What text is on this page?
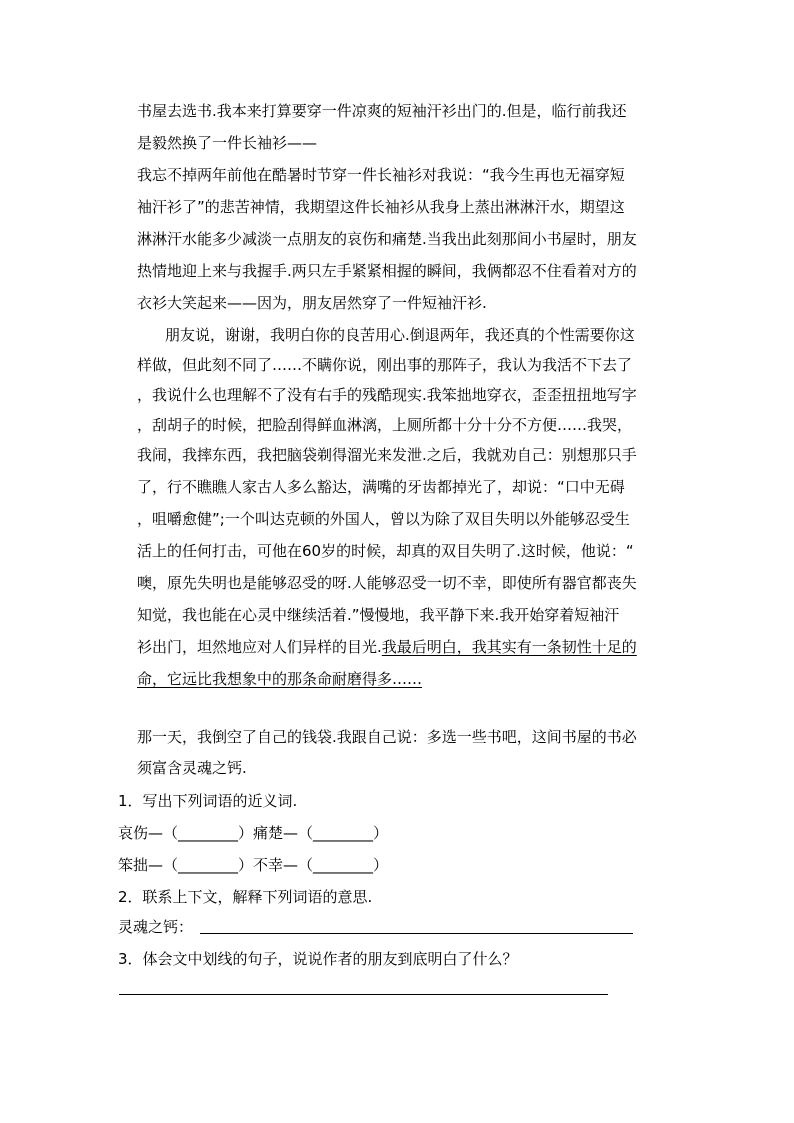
书屋去选书.我本来打算要穿一件凉爽的短袖汗衫出门的.但是，临行前我还
是毅然换了一件长袖衫——
我忘不掉两年前他在酷暑时节穿一件长袖衫对我说：“我今生再也无福穿短
袖汗衫了”的悲苦神情，我期望这件长袖衫从我身上蒸出淋淋汗水，期望这
淋淋汗水能多少减淡一点朋友的哀伤和痛楚.当我出此刻那间小书屋时，朋友
热情地迎上来与我握手.两只左手紧紧相握的瞬间，我俩都忍不住看着对方的
衣衫大笑起来——因为，朋友居然穿了一件短袖汗衫.
朋友说，谢谢，我明白你的良苦用心.倒退两年，我还真的个性需要你这
样做，但此刻不同了……不瞒你说，刚出事的那阵子，我认为我活不下去了
，我说什么也理解不了没有右手的残酷现实.我笨拙地穿衣，歪歪扭扭地写字
，刮胡子的时候，把脸刮得鲜血淋漓，上厕所都十分十分不方便……我哭，
我闹，我摔东西，我把脑袋剃得溜光来发泄.之后，我就劝自己：别想那只手
了，行不瞧瞧人家古人多么豁达，满嘴的牙齿都掉光了，却说：“口中无碍
，咀嚼愈健”;一个叫达克顿的外国人，曾以为除了双目失明以外能够忍受生
活上的任何打击，可他在60岁的时候，却真的双目失明了.这时候，他说：“
噢，原先失明也是能够忍受的呀.人能够忍受一切不幸，即使所有器官都丧失
知觉，我也能在心灵中继续活着.”慢慢地，我平静下来.我开始穿着短袖汗
衫出门，坦然地应对人们异样的目光.我最后明白，我其实有一条韧性十足的
命，它远比我想象中的那条命耐磨得多……
那一天，我倒空了自己的钱袋.我跟自己说：多选一些书吧，这间书屋的书必
须富含灵魂之钙.
1．写出下列词语的近义词.
哀伤—（________）痛楚—（________）
笨拙—（________）不幸—（________）
2．联系上下文，解释下列词语的意思.
灵魂之钙：
3．体会文中划线的句子，说说作者的朋友到底明白了什么？
